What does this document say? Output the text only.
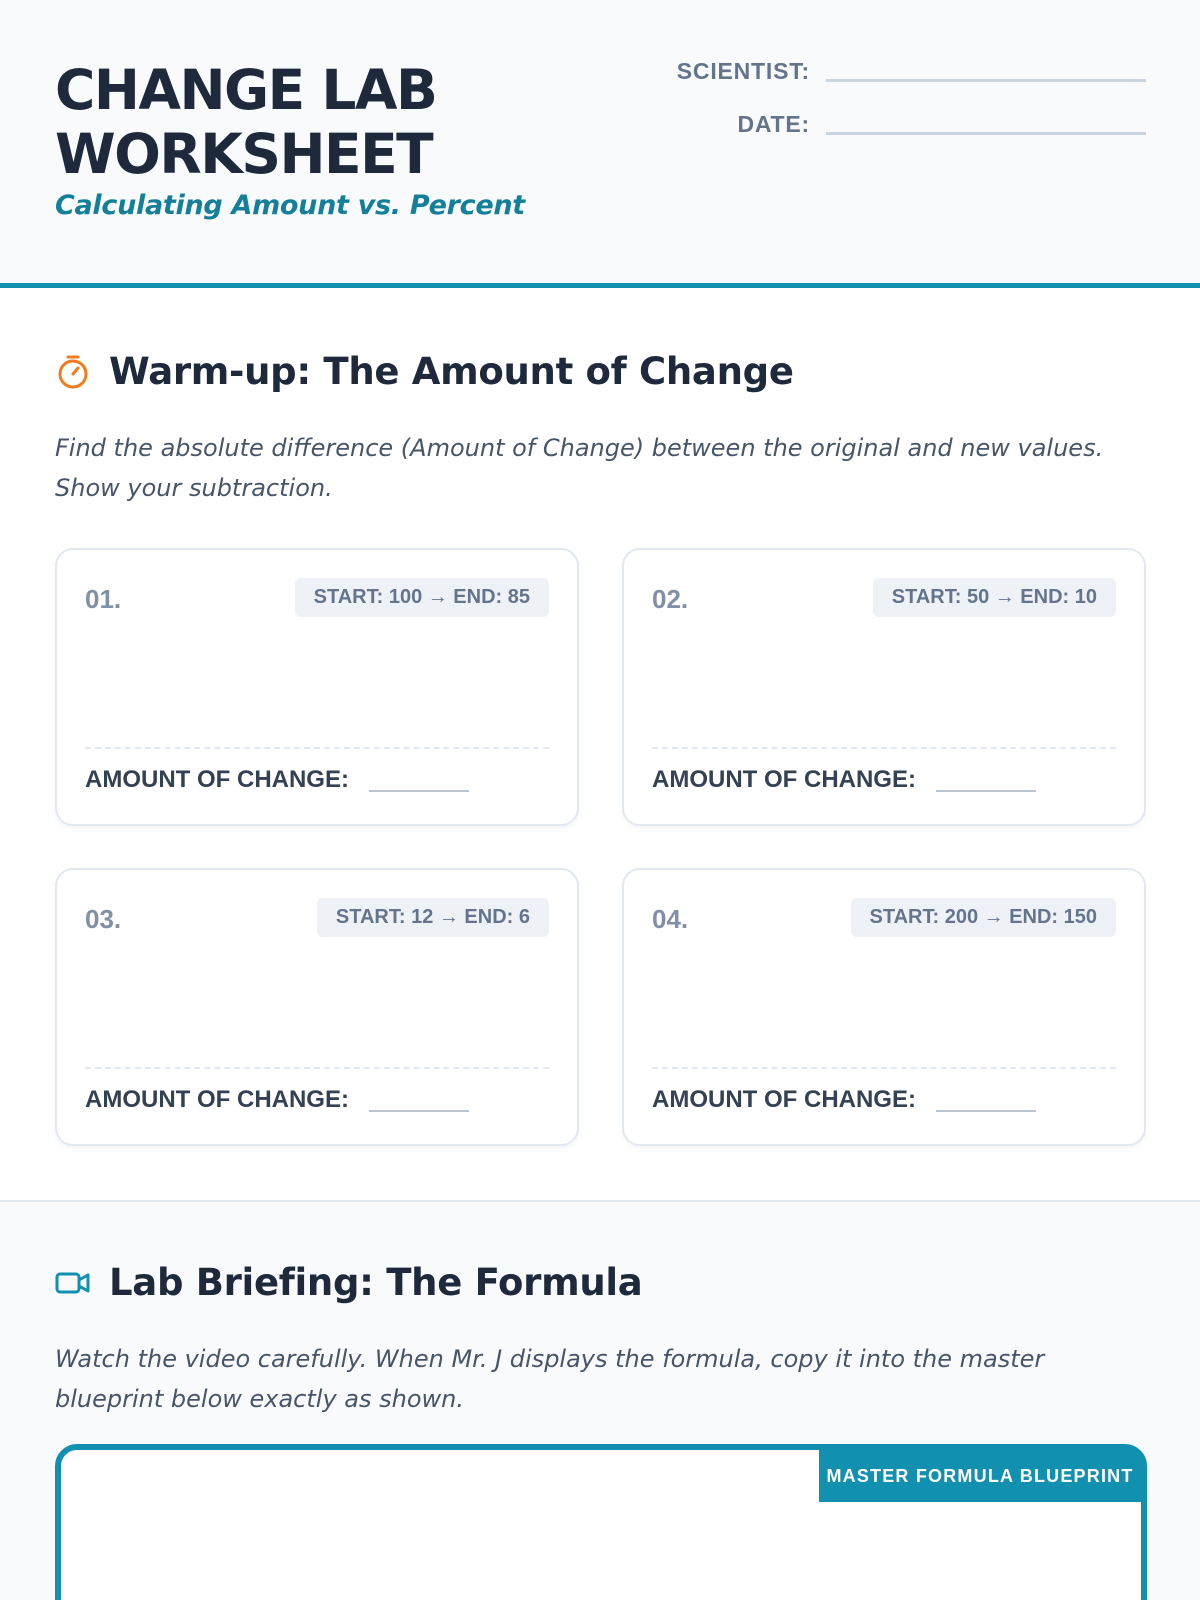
CHANGE LAB
WORKSHEET
Calculating Amount vs. Percent
SCIENTIST:
DATE:
Warm-up: The Amount of Change
Find the absolute difference (Amount of Change) between the original and new values. Show your subtraction.
01.	START: 100 → END: 85
AMOUNT OF CHANGE:
02.	START: 50 → END: 10
AMOUNT OF CHANGE:
03.	START: 12 → END: 6
AMOUNT OF CHANGE:
04.	START: 200 → END: 150
AMOUNT OF CHANGE:
Lab Briefing: The Formula
Watch the video carefully. When Mr. J displays the formula, copy it into the master blueprint below exactly as shown.
MASTER FORMULA BLUEPRINT
